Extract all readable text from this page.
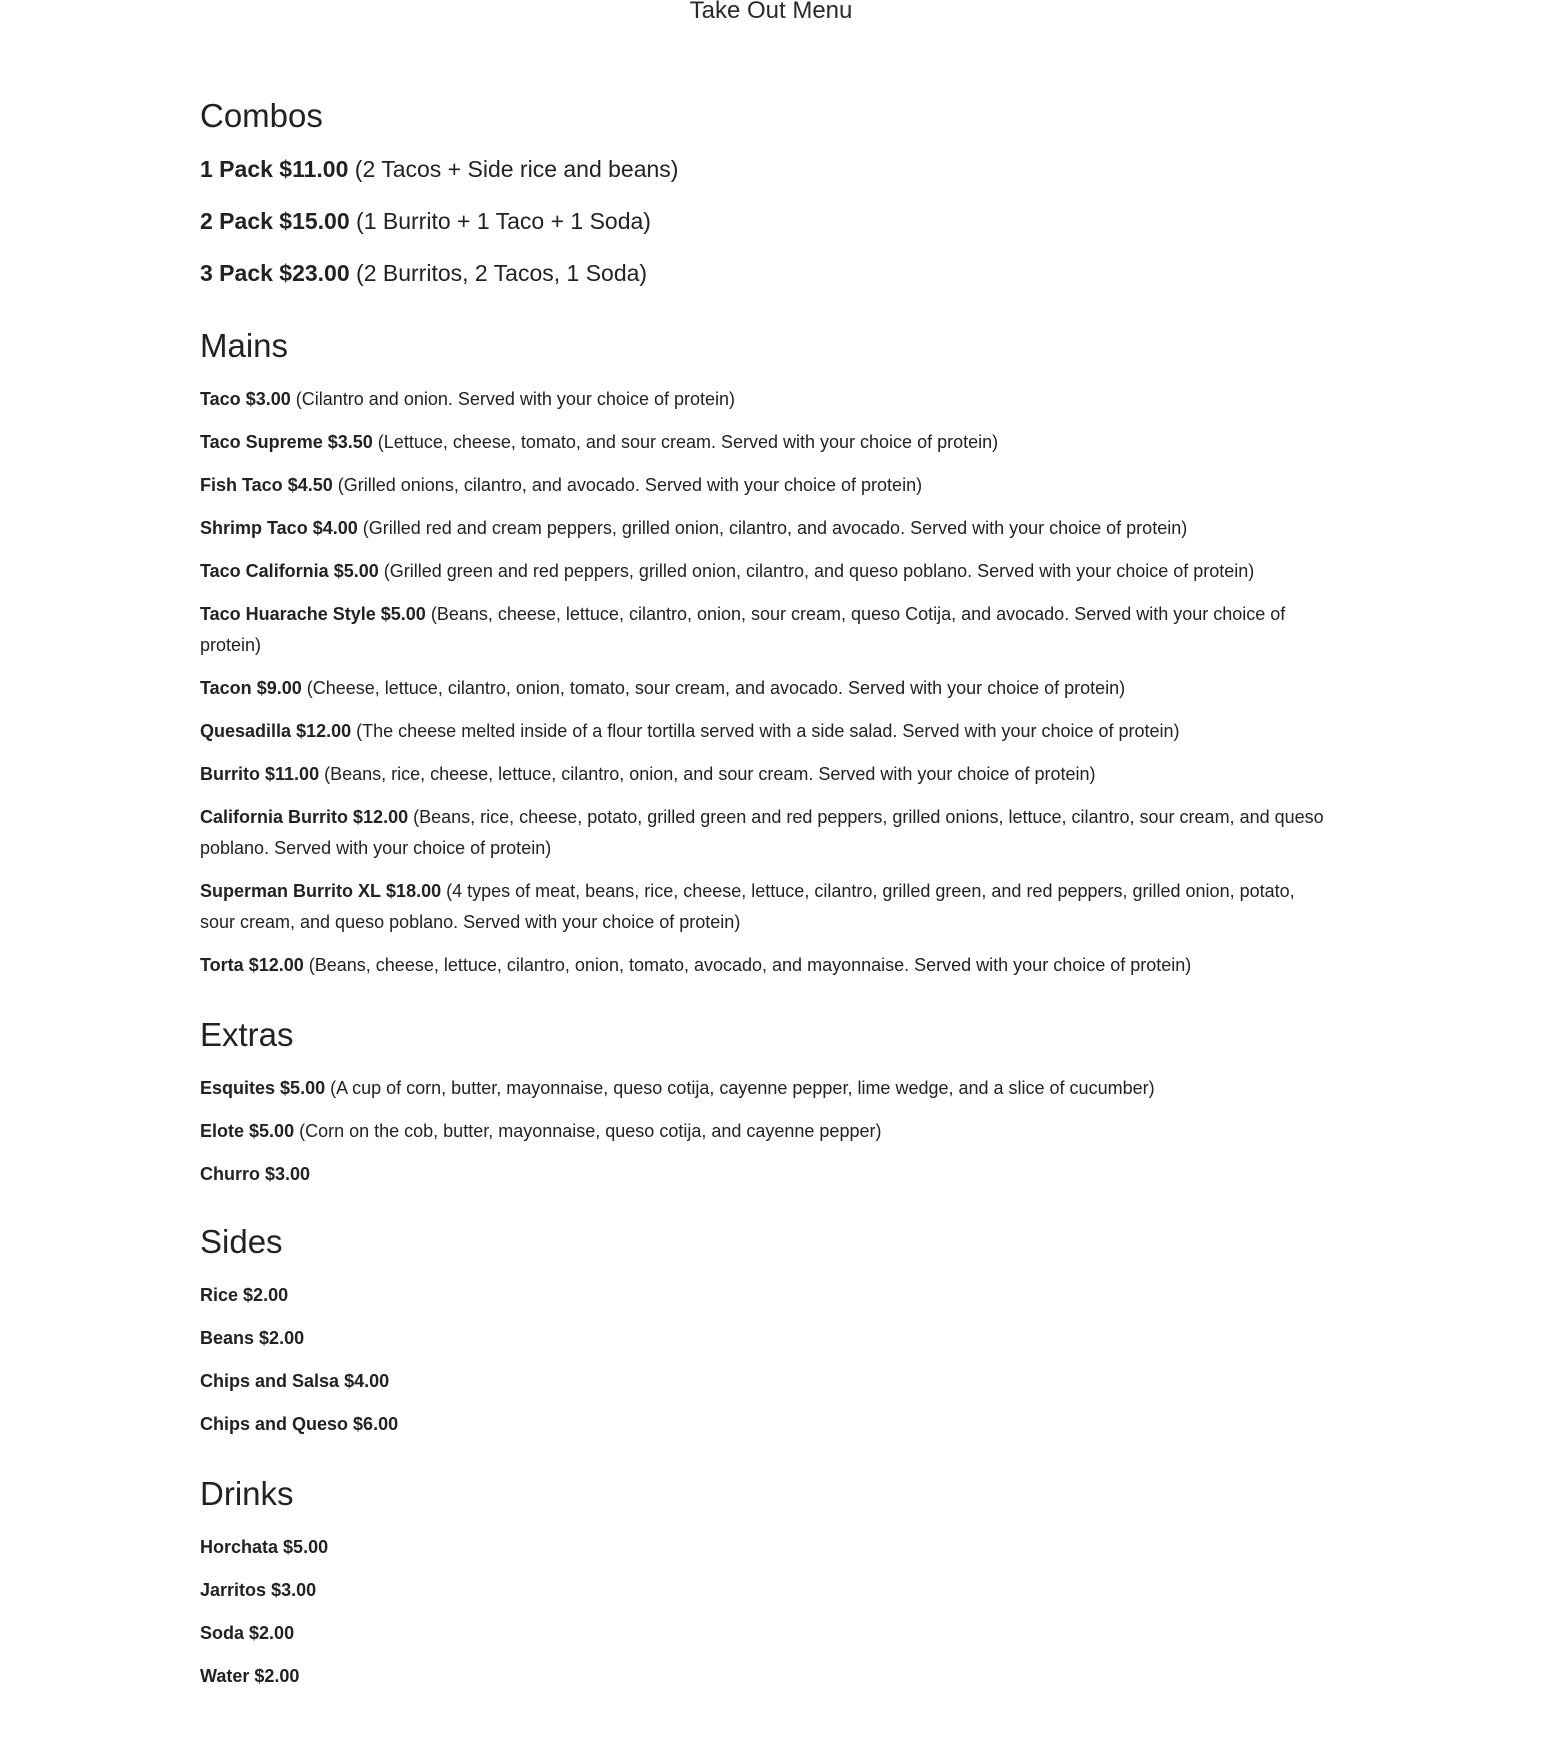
Take Out Menu
Combos
1 Pack $11.00 (2 Tacos + Side rice and beans)
2 Pack $15.00 (1 Burrito + 1 Taco + 1 Soda)
3 Pack $23.00 (2 Burritos, 2 Tacos, 1 Soda)
Mains
Taco $3.00 (Cilantro and onion. Served with your choice of protein)
Taco Supreme $3.50 (Lettuce, cheese, tomato, and sour cream. Served with your choice of protein)
Fish Taco $4.50 (Grilled onions, cilantro, and avocado. Served with your choice of protein)
Shrimp Taco $4.00 (Grilled red and cream peppers, grilled onion, cilantro, and avocado. Served with your choice of protein)
Taco California $5.00 (Grilled green and red peppers, grilled onion, cilantro, and queso poblano. Served with your choice of protein)
Taco Huarache Style $5.00 (Beans, cheese, lettuce, cilantro, onion, sour cream, queso Cotija, and avocado. Served with your choice of protein)
Tacon $9.00 (Cheese, lettuce, cilantro, onion, tomato, sour cream, and avocado. Served with your choice of protein)
Quesadilla $12.00 (The cheese melted inside of a flour tortilla served with a side salad. Served with your choice of protein)
Burrito $11.00 (Beans, rice, cheese, lettuce, cilantro, onion, and sour cream. Served with your choice of protein)
California Burrito $12.00 (Beans, rice, cheese, potato, grilled green and red peppers, grilled onions, lettuce, cilantro, sour cream, and queso poblano. Served with your choice of protein)
Superman Burrito XL $18.00 (4 types of meat, beans, rice, cheese, lettuce, cilantro, grilled green, and red peppers, grilled onion, potato, sour cream, and queso poblano. Served with your choice of protein)
Torta $12.00 (Beans, cheese, lettuce, cilantro, onion, tomato, avocado, and mayonnaise. Served with your choice of protein)
Extras
Esquites $5.00 (A cup of corn, butter, mayonnaise, queso cotija, cayenne pepper, lime wedge, and a slice of cucumber)
Elote $5.00 (Corn on the cob, butter, mayonnaise, queso cotija, and cayenne pepper)
Churro $3.00
Sides
Rice $2.00
Beans $2.00
Chips and Salsa $4.00
Chips and Queso $6.00
Drinks
Horchata $5.00
Jarritos $3.00
Soda $2.00
Water $2.00
